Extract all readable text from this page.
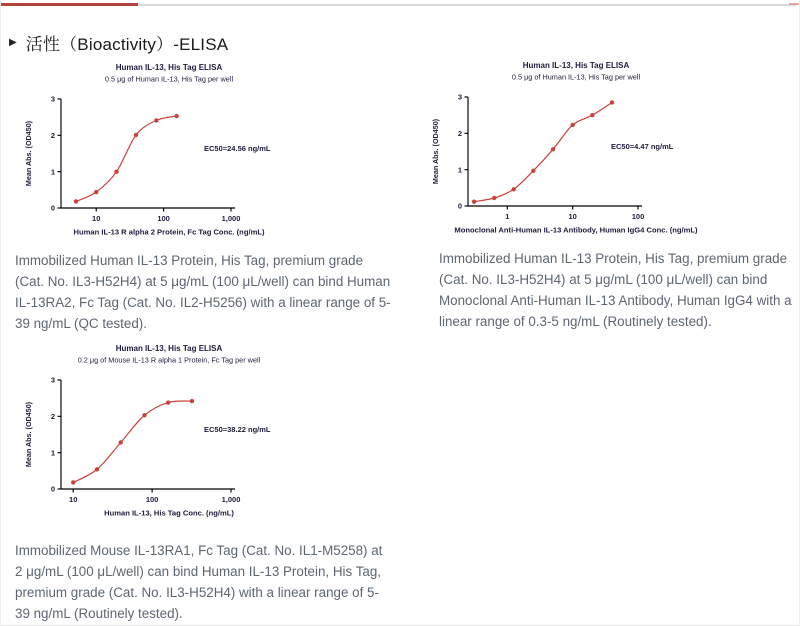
▶ 活性（Bioactivity）-ELISA
Human IL-13, His Tag ELISA
0.5 μg of Human IL-13, His Tag per well
0
1
2
3
10	100	1,000
EC50=24.56 ng/mL
Human IL-13 R alpha 2 Protein, Fc Tag Conc. (ng/mL)
Mean Abs. (OD450)
Human IL-13, His Tag ELISA
0.5 μg of Human IL-13, His Tag per well
0
1
2
3
1	10	100
EC50=4.47 ng/mL
Monoclonal Anti-Human IL-13 Antibody, Human IgG4 Conc. (ng/mL)
Mean Abs. (OD450)
Human IL-13, His Tag ELISA
0.2 μg of Mouse IL-13 R alpha 1 Protein, Fc Tag per well
0
1
2
3
10	100	1,000
EC50=38.22 ng/mL
Human IL-13, His Tag Conc. (ng/mL)
Mean Abs. (OD450)

Immobilized Human IL-13 Protein, His Tag, premium grade (Cat. No. IL3-H52H4) at 5 μg/mL (100 μL/well) can bind Human IL-13RA2, Fc Tag (Cat. No. IL2-H5256) with a linear range of 5-39 ng/mL (QC tested).

Immobilized Human IL-13 Protein, His Tag, premium grade (Cat. No. IL3-H52H4) at 5 μg/mL (100 μL/well) can bind Monoclonal Anti-Human IL-13 Antibody, Human IgG4 with a linear range of 0.3-5 ng/mL (Routinely tested).

Immobilized Mouse IL-13RA1, Fc Tag (Cat. No. IL1-M5258) at 2 μg/mL (100 μL/well) can bind Human IL-13 Protein, His Tag, premium grade (Cat. No. IL3-H52H4) with a linear range of 5-39 ng/mL (Routinely tested).
